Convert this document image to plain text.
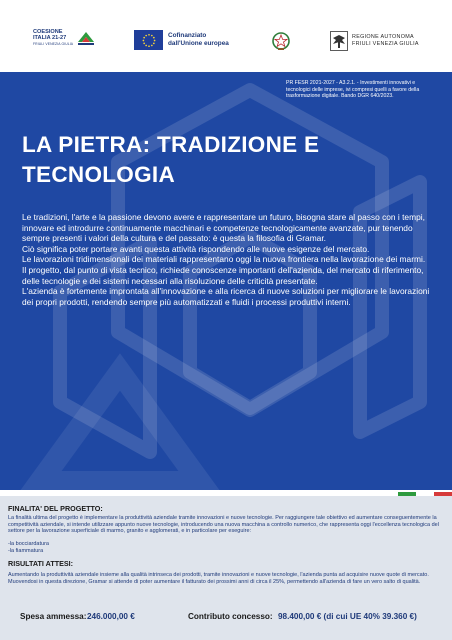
COESIONE
ITALIA 21-27
FRIULI VENEZIA GIULIA
Cofinanziato
dall'Unione europea
REGIONE AUTONOMA
FRIULI VENEZIA GIULIA
PR FESR 2021-2027 - A3.2.1. - Investimenti innovativi e tecnologici delle imprese, ivi compresi quelli a favore della trasformazione digitale. Bando DGR 640/2023.
LA PIETRA: TRADIZIONE E TECNOLOGIA

Le tradizioni, l'arte e la passione devono avere e rappresentare un futuro, bisogna stare al passo con i tempi, innovare ed introdurre continuamente macchinari e competenze tecnologicamente avanzate, pur tenendo sempre presenti i valori della cultura e del passato: è questa la filosofia di Gramar.

Ciò significa poter portare avanti questa attività rispondendo alle nuove esigenze del mercato.

Le lavorazioni tridimensionali dei materiali rappresentano oggi la nuova frontiera nella lavorazione dei marmi.

Il progetto, dal punto di vista tecnico, richiede conoscenze importanti dell'azienda, del mercato di riferimento, delle tecnologie e dei sistemi necessari alla risoluzione delle criticità presentate.

L'azienda è fortemente improntata all'innovazione e alla ricerca di nuove soluzioni per migliorare le lavorazioni dei propri prodotti, rendendo sempre più automatizzati e fluidi i processi produttivi interni.

FINALITA' DEL PROGETTO:
La finalità ultima del progetto è implementare la produttività aziendale tramite innovazioni e nuove tecnologie. Per raggiungere tale obiettivo ed aumentare conseguentemente la competitività aziendale, si intende utilizzare appunto nuove tecnologie, introducendo una nuova macchina a controllo numerico, che rappresenta oggi l'eccellenza tecnologica del settore per la lavorazione superficiale di marmo, granito e agglomerati, e in particolare per eseguire:
-la bocciardatura
-la fiammatura
RISULTATI ATTESI:
Aumentando la produttività aziendale insieme alla qualità intrinseca dei prodotti, tramite innovazioni e nuove tecnologie, l'azienda punta ad acquisire nuove quote di mercato. Muovendosi in questa direzione, Gramar si attende di poter aumentare il fatturato dei prossimi anni di circa il 25%, permettendo all'azienda di fare un vero salto di qualità.
Spesa ammessa: 246.000,00 €	Contributo concesso: 98.400,00 € (di cui UE 40% 39.360 €)
